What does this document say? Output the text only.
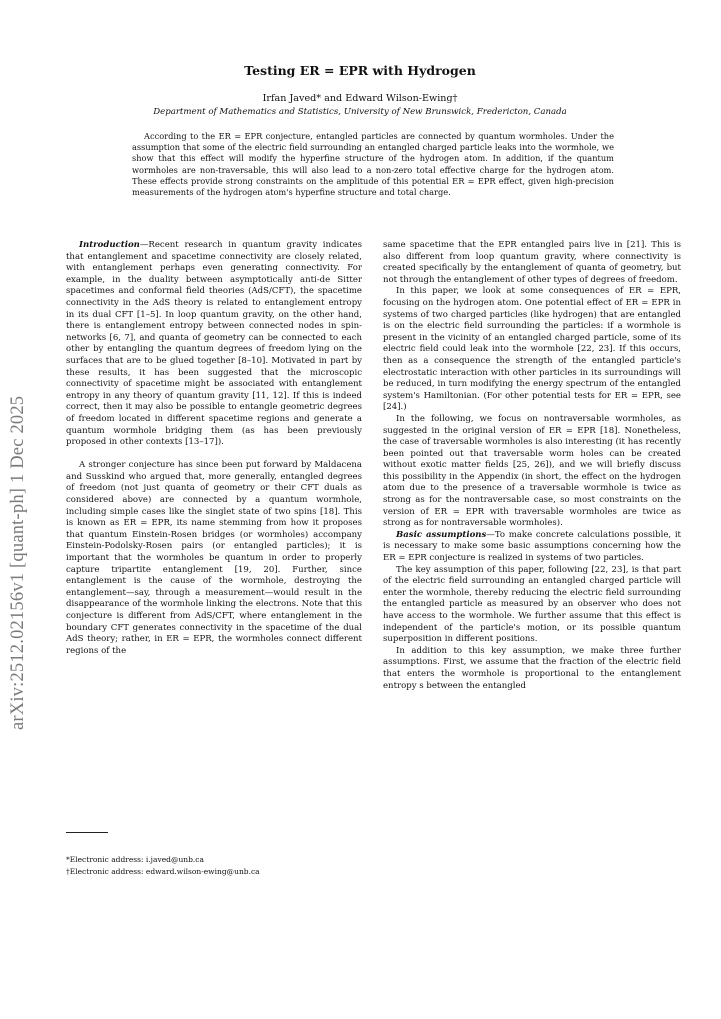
arXiv:2512.02156v1 [quant-ph] 1 Dec 2025
Testing ER = EPR with Hydrogen
Irfan Javed* and Edward Wilson-Ewing†
Department of Mathematics and Statistics, University of New Brunswick, Fredericton, Canada

According to the ER = EPR conjecture, entangled particles are connected by quantum wormholes. Under the assumption that some of the electric field surrounding an entangled charged particle leaks into the wormhole, we show that this effect will modify the hyperfine structure of the hydrogen atom. In addition, if the quantum wormholes are non-traversable, this will also lead to a non-zero total effective charge for the hydrogen atom. These effects provide strong constraints on the amplitude of this potential ER = EPR effect, given high-precision measurements of the hydrogen atom's hyperfine structure and total charge.

Introduction—Recent research in quantum gravity indicates that entanglement and spacetime connectivity are closely related, with entanglement perhaps even generating connectivity. For example, in the duality between asymptotically anti-de Sitter spacetimes and conformal field theories (AdS/CFT), the spacetime connectivity in the AdS theory is related to entanglement entropy in its dual CFT [1–5]. In loop quantum gravity, on the other hand, there is entanglement entropy between connected nodes in spin-networks [6, 7], and quanta of geometry can be connected to each other by entangling the quantum degrees of freedom lying on the surfaces that are to be glued together [8–10]. Motivated in part by these results, it has been suggested that the microscopic connectivity of spacetime might be associated with entanglement entropy in any theory of quantum gravity [11, 12]. If this is indeed correct, then it may also be possible to entangle geometric degrees of freedom located in different spacetime regions and generate a quantum wormhole bridging them (as has been previously proposed in other contexts [13–17]).

A stronger conjecture has since been put forward by Maldacena and Susskind who argued that, more generally, entangled degrees of freedom (not just quanta of geometry or their CFT duals as considered above) are connected by a quantum wormhole, including simple cases like the singlet state of two spins [18]. This is known as ER = EPR, its name stemming from how it proposes that quantum Einstein-Rosen bridges (or wormholes) accompany Einstein-Podolsky-Rosen pairs (or entangled particles); it is important that the wormholes be quantum in order to properly capture tripartite entanglement [19, 20]. Further, since entanglement is the cause of the wormhole, destroying the entanglement—say, through a measurement—would result in the disappearance of the wormhole linking the electrons. Note that this conjecture is different from AdS/CFT, where entanglement in the boundary CFT generates connectivity in the spacetime of the dual AdS theory; rather, in ER = EPR, the wormholes connect different regions of the

*Electronic address: i.javed@unb.ca
†Electronic address: edward.wilson-ewing@unb.ca

same spacetime that the EPR entangled pairs live in [21]. This is also different from loop quantum gravity, where connectivity is created specifically by the entanglement of quanta of geometry, but not through the entanglement of other types of degrees of freedom.

In this paper, we look at some consequences of ER = EPR, focusing on the hydrogen atom. One potential effect of ER = EPR in systems of two charged particles (like hydrogen) that are entangled is on the electric field surrounding the particles: if a wormhole is present in the vicinity of an entangled charged particle, some of its electric field could leak into the wormhole [22, 23]. If this occurs, then as a consequence the strength of the entangled particle's electrostatic interaction with other particles in its surroundings will be reduced, in turn modifying the energy spectrum of the entangled system's Hamiltonian. (For other potential tests for ER = EPR, see [24].)

In the following, we focus on nontraversable wormholes, as suggested in the original version of ER = EPR [18]. Nonetheless, the case of traversable wormholes is also interesting (it has recently been pointed out that traversable worm holes can be created without exotic matter fields [25, 26]), and we will briefly discuss this possibility in the Appendix (in short, the effect on the hydrogen atom due to the presence of a traversable wormhole is twice as strong as for the nontraversable case, so most constraints on the version of ER = EPR with traversable wormholes are twice as strong as for nontraversable wormholes).

Basic assumptions—To make concrete calculations possible, it is necessary to make some basic assumptions concerning how the ER = EPR conjecture is realized in systems of two particles.

The key assumption of this paper, following [22, 23], is that part of the electric field surrounding an entangled charged particle will enter the wormhole, thereby reducing the electric field surrounding the entangled particle as measured by an observer who does not have access to the wormhole. We further assume that this effect is independent of the particle's motion, or its possible quantum superposition in different positions.

In addition to this key assumption, we make three further assumptions. First, we assume that the fraction of the electric field that enters the wormhole is proportional to the entanglement entropy s between the entangled
